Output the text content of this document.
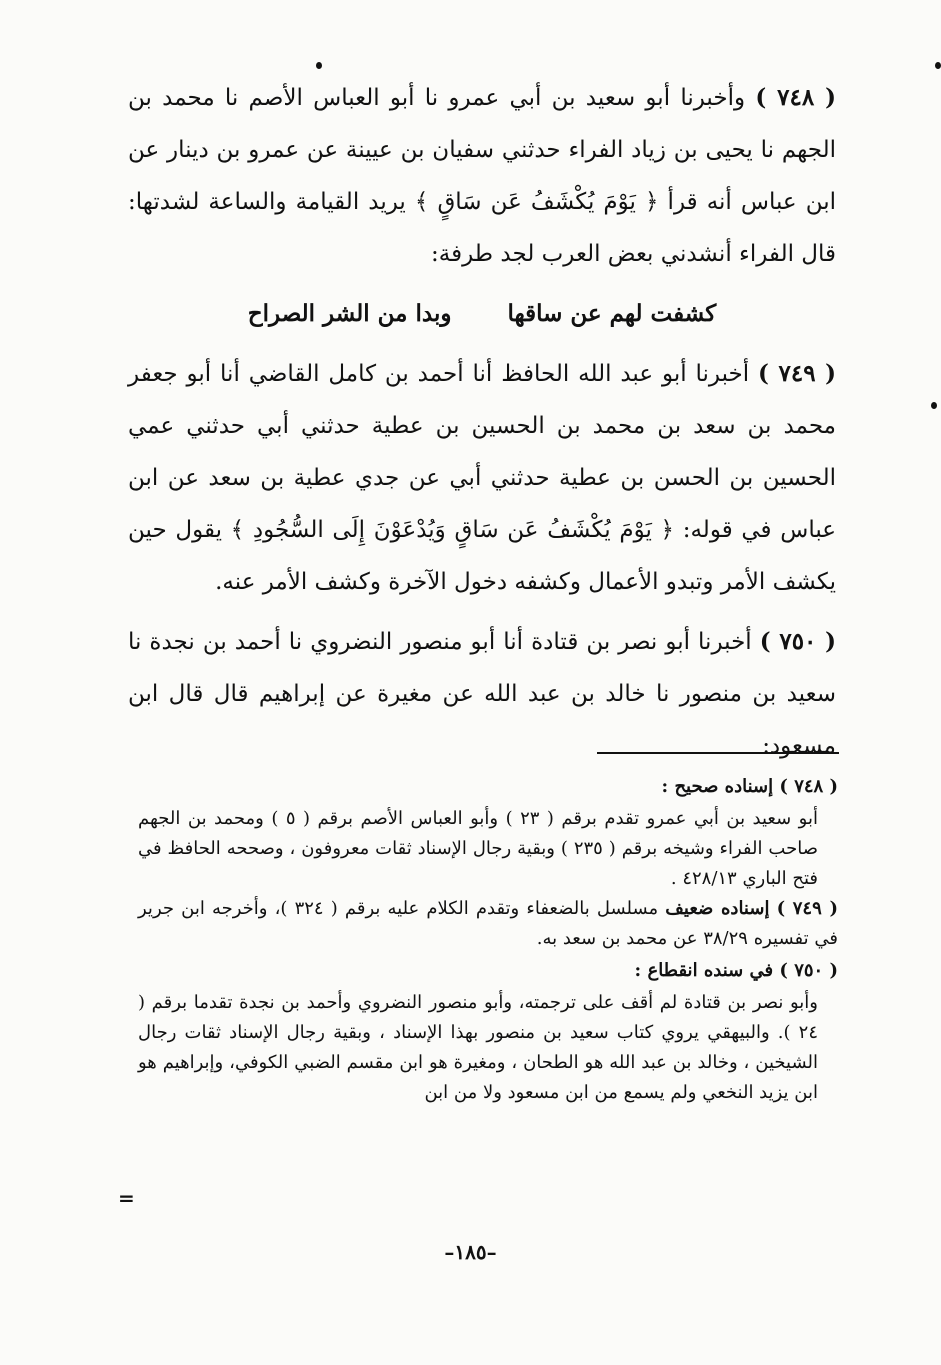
( ٧٤٨ ) وأخبرنا أبو سعيد بن أبي عمرو نا أبو العباس الأصم نا محمد بن الجهم نا يحيى بن زياد الفراء حدثني سفيان بن عيينة عن عمرو بن دينار عن ابن عباس أنه قرأ ﴿ يَوْمَ يُكْشَفُ عَن سَاقٍ ﴾ يريد القيامة والساعة لشدتها: قال الفراء أنشدني بعض العرب لجد طرفة:

كشفت لهم عن ساقها وبدا من الشر الصراح

( ٧٤٩ ) أخبرنا أبو عبد الله الحافظ أنا أحمد بن كامل القاضي أنا أبو جعفر محمد بن سعد بن محمد بن الحسين بن عطية حدثني أبي حدثني عمي الحسين بن الحسن بن عطية حدثني أبي عن جدي عطية بن سعد عن ابن عباس في قوله: ﴿ يَوْمَ يُكْشَفُ عَن سَاقٍ وَيُدْعَوْنَ إِلَى السُّجُودِ ﴾ يقول حين يكشف الأمر وتبدو الأعمال وكشفه دخول الآخرة وكشف الأمر عنه.

( ٧٥٠ ) أخبرنا أبو نصر بن قتادة أنا أبو منصور النضروي نا أحمد بن نجدة نا سعيد بن منصور نا خالد بن عبد الله عن مغيرة عن إبراهيم قال قال ابن مسعود:

( ٧٤٨ ) إسناده صحيح :
أبو سعيد بن أبي عمرو تقدم برقم ( ٢٣ ) وأبو العباس الأصم برقم ( ٥ ) ومحمد بن الجهم صاحب الفراء وشيخه برقم ( ٢٣٥ ) وبقية رجال الإسناد ثقات معروفون ، وصححه الحافظ في فتح الباري ٤٢٨/١٣ .
( ٧٤٩ ) إسناده ضعيف مسلسل بالضعفاء وتقدم الكلام عليه برقم ( ٣٢٤ )، وأخرجه ابن جرير في تفسيره ٣٨/٢٩ عن محمد بن سعد به.
( ٧٥٠ ) في سنده انقطاع :
وأبو نصر بن قتادة لم أقف على ترجمته، وأبو منصور النضروي وأحمد بن نجدة تقدما برقم ( ٢٤ ). والبيهقي يروي كتاب سعيد بن منصور بهذا الإسناد ، وبقية رجال الإسناد ثقات رجال الشيخين ، وخالد بن عبد الله هو الطحان ، ومغيرة هو ابن مقسم الضبي الكوفي، وإبراهيم هو ابن يزيد النخعي ولم يسمع من ابن مسعود ولا من ابن
=
–١٨٥–
